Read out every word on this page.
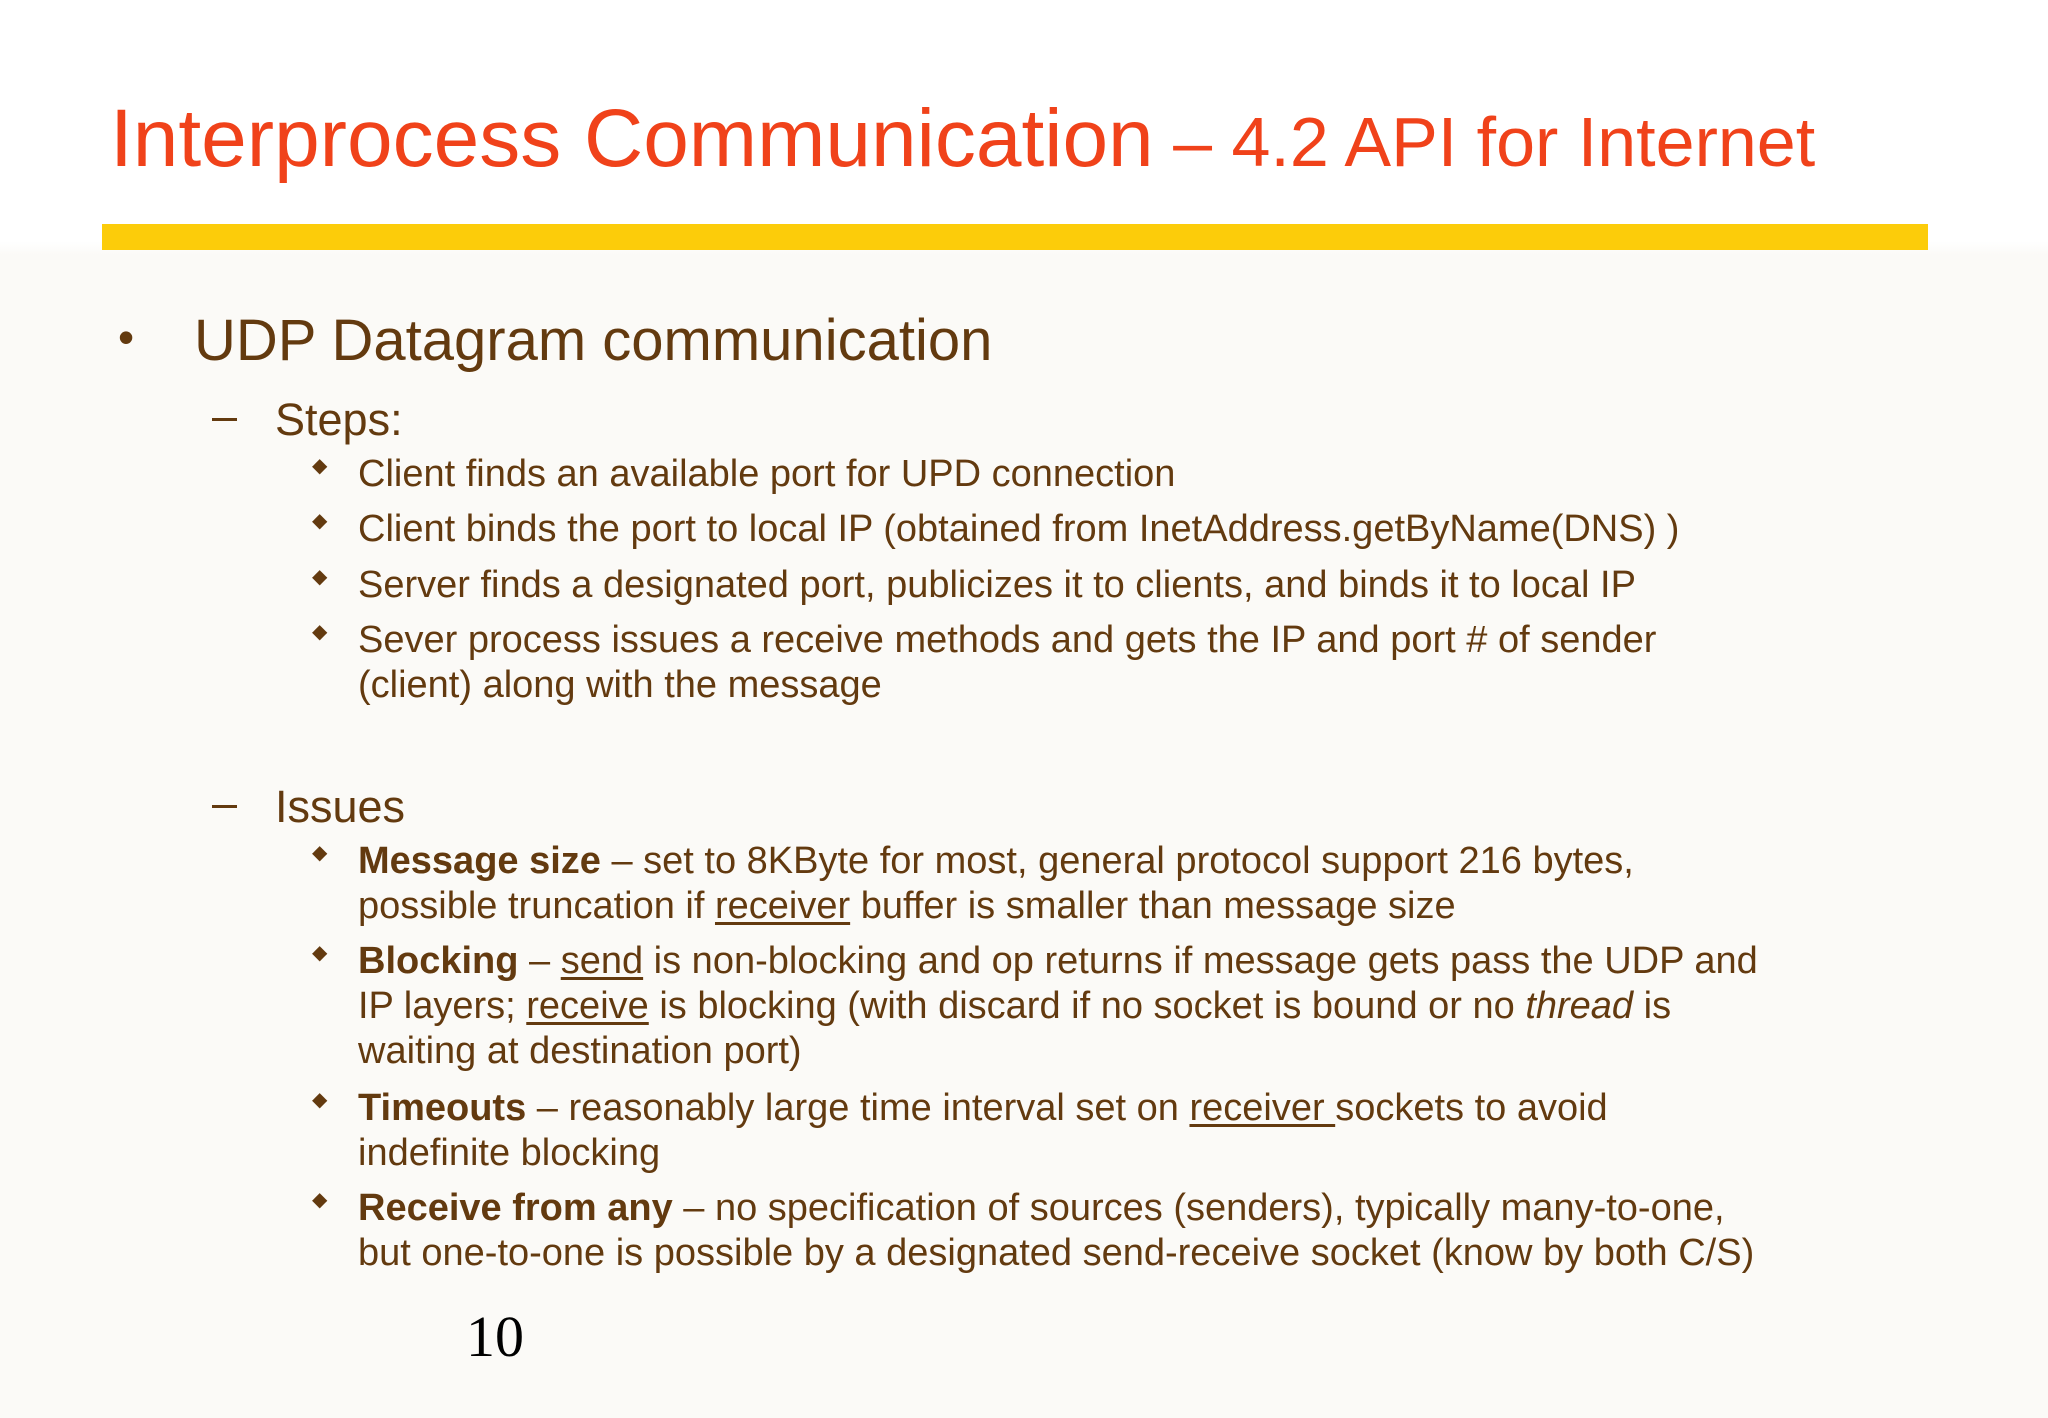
Interprocess Communication – 4.2 API for Internet
• UDP Datagram communication
– Steps:
◆ Client finds an available port for UPD connection
◆ Client binds the port to local IP (obtained from InetAddress.getByName(DNS) )
◆ Server finds a designated port, publicizes it to clients, and binds it to local IP
◆ Sever process issues a receive methods and gets the IP and port # of sender
(client) along with the message
– Issues
◆ Message size – set to 8KByte for most, general protocol support 216 bytes,
possible truncation if receiver buffer is smaller than message size
◆ Blocking – send is non-blocking and op returns if message gets pass the UDP and
IP layers; receive is blocking (with discard if no socket is bound or no thread is
waiting at destination port)
◆ Timeouts – reasonably large time interval set on receiver sockets to avoid
indefinite blocking
◆ Receive from any – no specification of sources (senders), typically many-to-one,
but one-to-one is possible by a designated send-receive socket (know by both C/S)
10
